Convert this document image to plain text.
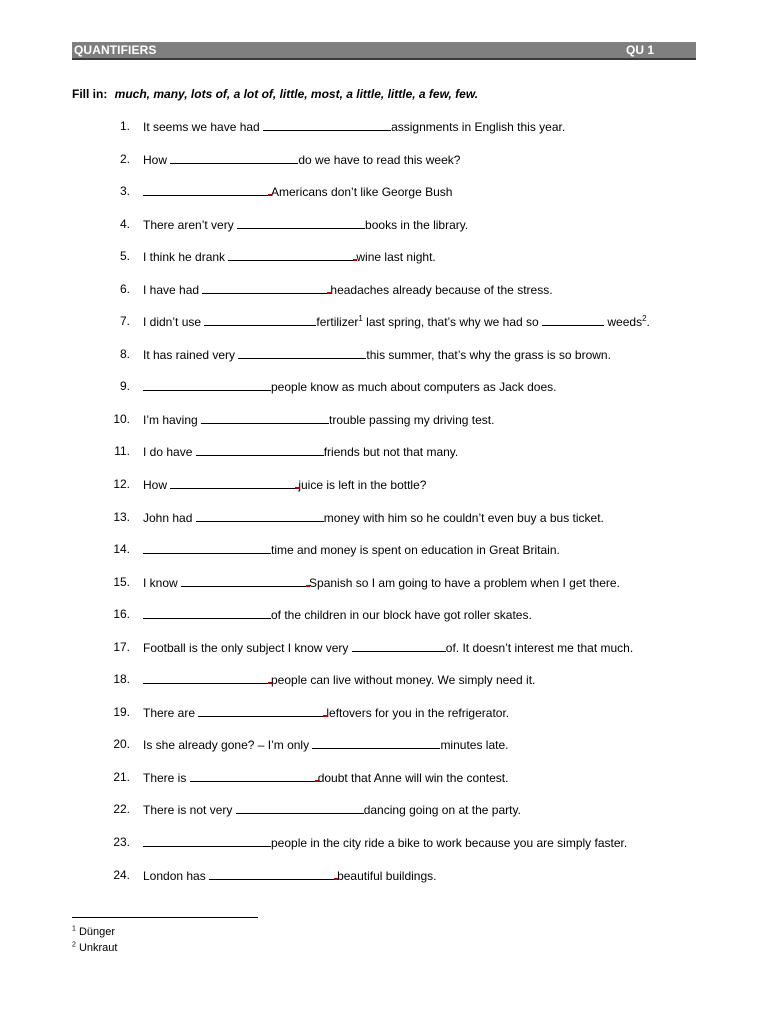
QUANTIFIERS	QU 1
Fill in: much, many, lots of, a lot of, little, most, a little, little, a few, few.
1. It seems we have had	assignments in English this year.
2. How	do we have to read this week?
3.	Americans don’t like George Bush
4. There aren’t very	books in the library.
5. I think he drank	wine last night.
6. I have had	headaches already because of the stress.
7. I didn’t use	fertilizer$^1$ last spring, that’s why we had so	weeds$^2$.
8. It has rained very	this summer, that’s why the grass is so brown.
9.	people know as much about computers as Jack does.
10. I’m having	trouble passing my driving test.
11. I do have	friends but not that many.
12. How	juice is left in the bottle?
13. John had	money with him so he couldn’t even buy a bus ticket.
14.	time and money is spent on education in Great Britain.
15. I know	Spanish so I am going to have a problem when I get there.
16.	of the children in our block have got roller skates.
17. Football is the only subject I know very	of. It doesn’t interest me that much.
18.	people can live without money. We simply need it.
19. There are	leftovers for you in the refrigerator.
20. Is she already gone? – I’m only	minutes late.
21. There is	doubt that Anne will win the contest.
22. There is not very	dancing going on at the party.
23.	people in the city ride a bike to work because you are simply faster.
24. London has	beautiful buildings.
$^1$ Dünger
$^2$ Unkraut
